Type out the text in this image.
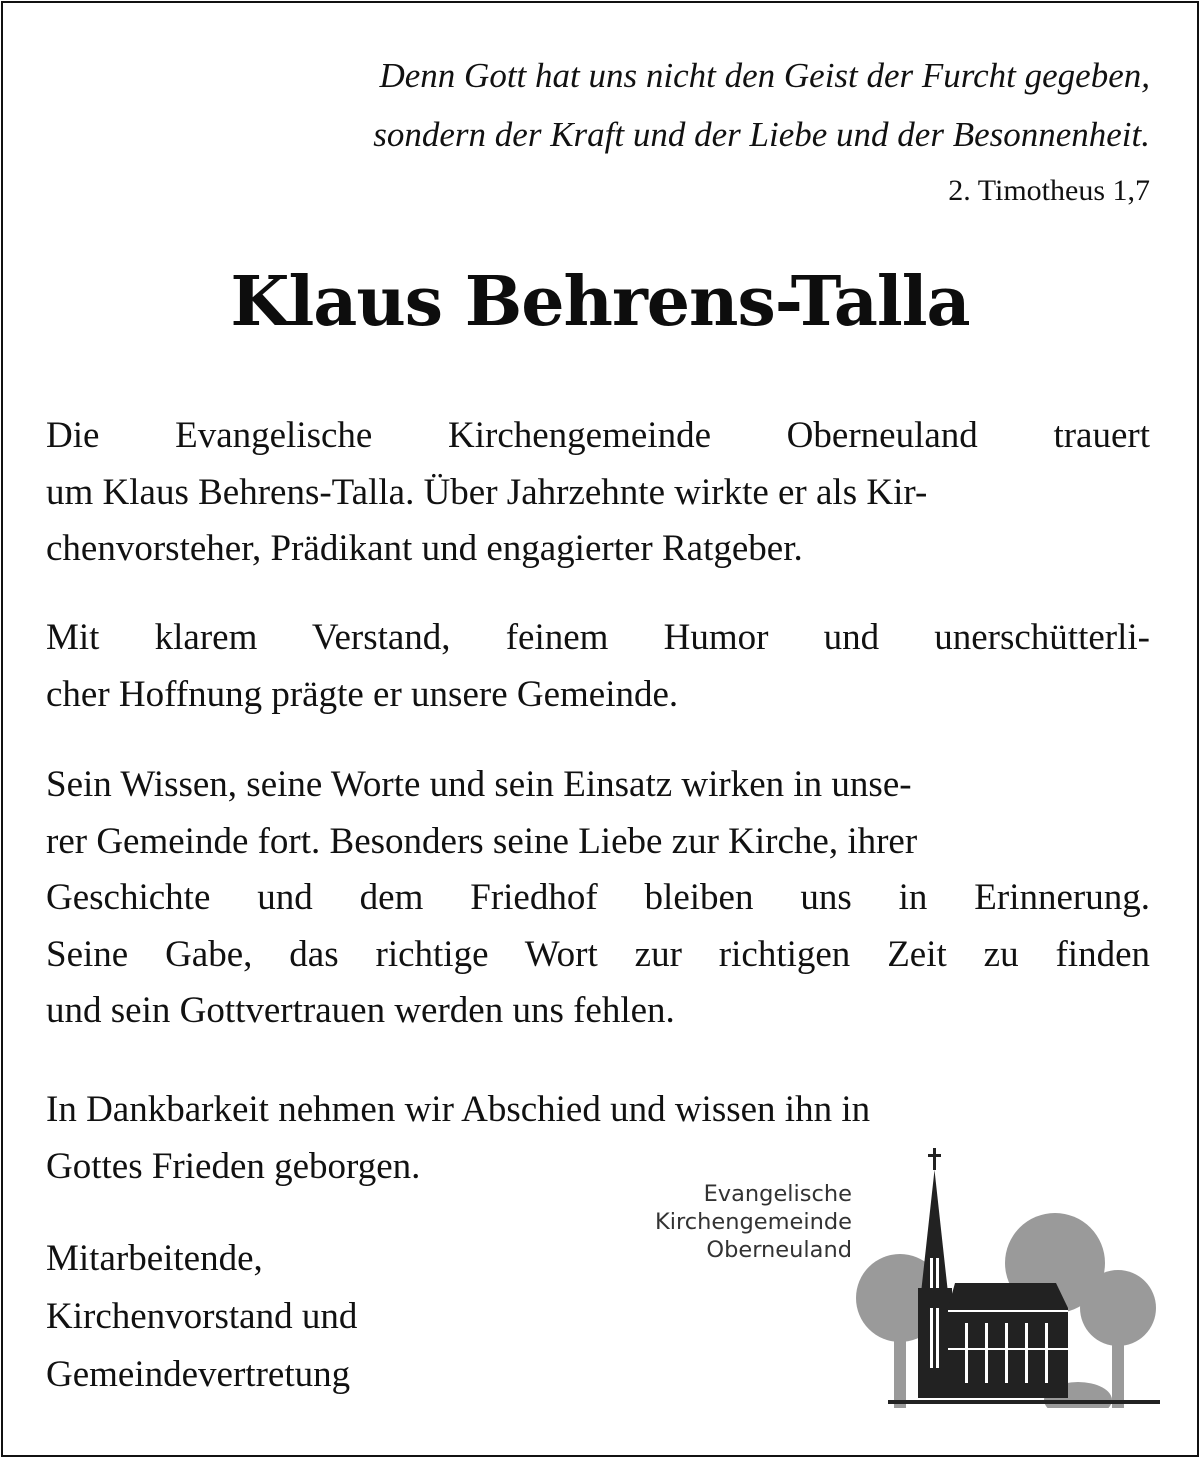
Denn Gott hat uns nicht den Geist der Furcht gegeben,
sondern der Kraft und der Liebe und der Besonnenheit.
2. Timotheus 1,7
Klaus Behrens-Talla
Die Evangelische Kirchengemeinde Oberneuland trauert
um Klaus Behrens-Talla. Über Jahrzehnte wirkte er als Kir-
chenvorsteher, Prädikant und engagierter Ratgeber.
Mit klarem Verstand, feinem Humor und unerschütterli-
cher Hoffnung prägte er unsere Gemeinde.
Sein Wissen, seine Worte und sein Einsatz wirken in unse-
rer Gemeinde fort. Besonders seine Liebe zur Kirche, ihrer
Geschichte und dem Friedhof bleiben uns in Erinnerung.
Seine Gabe, das richtige Wort zur richtigen Zeit zu finden
und sein Gottvertrauen werden uns fehlen.
In Dankbarkeit nehmen wir Abschied und wissen ihn in
Gottes Frieden geborgen.
Mitarbeitende,
Kirchenvorstand und
Gemeindevertretung
Evangelische
Kirchengemeinde
Oberneuland
